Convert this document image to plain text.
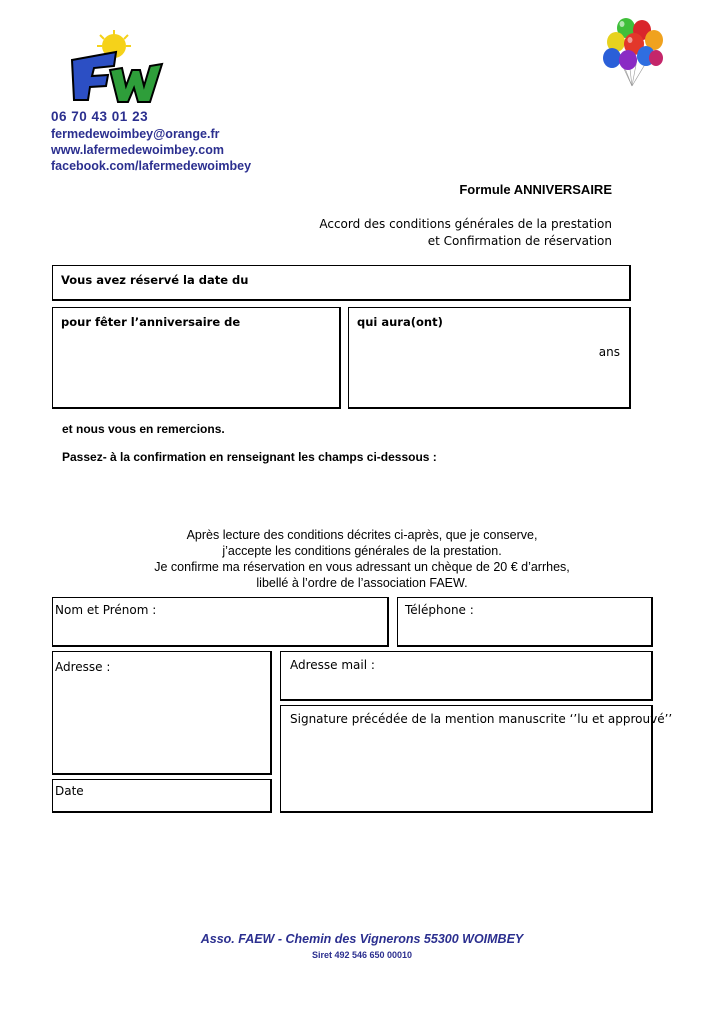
06 70 43 01 23
fermedewoimbey@orange.fr
www.lafermedewoimbey.com
facebook.com/lafermedewoimbey
Formule ANNIVERSAIRE
Accord des conditions générales de la prestation
et Confirmation de réservation
Vous avez réservé la date du
pour fêter l’anniversaire de	qui aura(ont)
ans
et nous vous en remercions.
Passez- à la confirmation en renseignant les champs ci-dessous :
Après lecture des conditions décrites ci-après, que je conserve,
j’accepte les conditions générales de la prestation.
Je confirme ma réservation en vous adressant un chèque de 20 € d’arrhes,
libellé à l’ordre de l’association FAEW.
Nom et Prénom :	Téléphone :
Adresse :	Adresse mail :
Signature précédée de la mention manuscrite ‘’lu et approuvé’’
Date
Asso. FAEW - Chemin des Vignerons 55300 WOIMBEY
Siret 492 546 650 00010
